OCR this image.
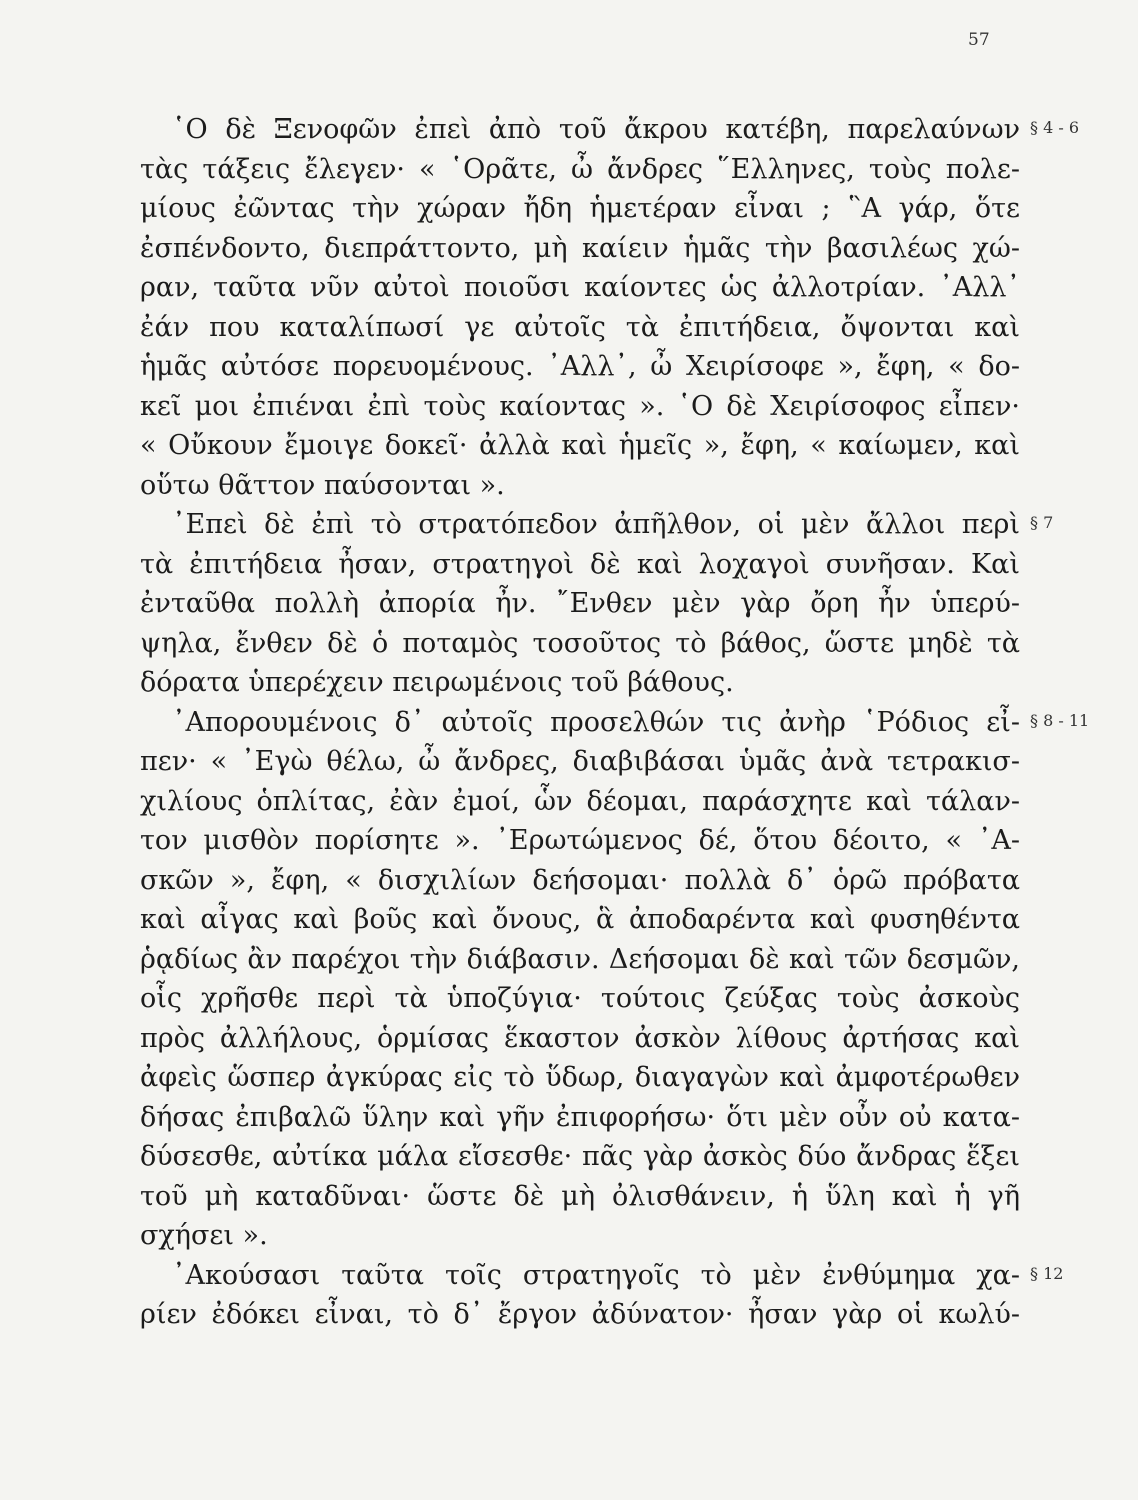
57
῾Ο δὲ Ξενοφῶν ἐπεὶ ἀπὸ τοῦ ἄκρου κατέβη, παρελαύνων
τὰς τάξεις ἔλεγεν· « ῾Ορᾶτε, ὦ ἄνδρες ῞Ελληνες, τοὺς πολε-
μίους ἐῶντας τὴν χώραν ἤδη ἡμετέραν εἶναι ; ῝Α γάρ, ὅτε
ἐσπένδοντο, διεπράττοντο, μὴ καίειν ἡμᾶς τὴν βασιλέως χώ-
ραν, ταῦτα νῦν αὐτοὶ ποιοῦσι καίοντες ὡς ἀλλοτρίαν. ᾿Αλλ᾿
ἐάν που καταλίπωσί γε αὐτοῖς τὰ ἐπιτήδεια, ὄψονται καὶ
ἡμᾶς αὐτόσε πορευομένους. ᾿Αλλ᾿, ὦ Χειρίσοφε », ἔφη, « δο-
κεῖ μοι ἐπιέναι ἐπὶ τοὺς καίοντας ». ῾Ο δὲ Χειρίσοφος εἶπεν·
« Οὔκουν ἔμοιγε δοκεῖ· ἀλλὰ καὶ ἡμεῖς », ἔφη, « καίωμεν, καὶ
οὕτω θᾶττον παύσονται ».
᾿Επεὶ δὲ ἐπὶ τὸ στρατόπεδον ἀπῆλθον, οἱ μὲν ἄλλοι περὶ
τὰ ἐπιτήδεια ἦσαν, στρατηγοὶ δὲ καὶ λοχαγοὶ συνῆσαν. Καὶ
ἐνταῦθα πολλὴ ἀπορία ἦν. ῎Ενθεν μὲν γὰρ ὄρη ἦν ὑπερύ-
ψηλα, ἔνθεν δὲ ὁ ποταμὸς τοσοῦτος τὸ βάθος, ὥστε μηδὲ τὰ
δόρατα ὑπερέχειν πειρωμένοις τοῦ βάθους.
᾿Απορουμένοις δ᾿ αὐτοῖς προσελθών τις ἀνὴρ ῾Ρόδιος εἶ-
πεν· « ᾿Εγὼ θέλω, ὦ ἄνδρες, διαβιβάσαι ὑμᾶς ἀνὰ τετρακισ-
χιλίους ὁπλίτας, ἐὰν ἐμοί, ὧν δέομαι, παράσχητε καὶ τάλαν-
τον μισθὸν πορίσητε ». ᾿Ερωτώμενος δέ, ὅτου δέοιτο, « ᾿Α-
σκῶν », ἔφη, « δισχιλίων δεήσομαι· πολλὰ δ᾿ ὁρῶ πρόβατα
καὶ αἶγας καὶ βοῦς καὶ ὄνους, ἃ ἀποδαρέντα καὶ φυσηθέντα
ῥᾳδίως ἂν παρέχοι τὴν διάβασιν. Δεήσομαι δὲ καὶ τῶν δεσμῶν,
οἷς χρῆσθε περὶ τὰ ὑποζύγια· τούτοις ζεύξας τοὺς ἀσκοὺς
πρὸς ἀλλήλους, ὁρμίσας ἕκαστον ἀσκὸν λίθους ἀρτήσας καὶ
ἀφεὶς ὥσπερ ἀγκύρας εἰς τὸ ὕδωρ, διαγαγὼν καὶ ἀμφοτέρωθεν
δήσας ἐπιβαλῶ ὕλην καὶ γῆν ἐπιφορήσω· ὅτι μὲν οὖν οὐ κατα-
δύσεσθε, αὐτίκα μάλα εἴσεσθε· πᾶς γὰρ ἀσκὸς δύο ἄνδρας ἕξει
τοῦ μὴ καταδῦναι· ὥστε δὲ μὴ ὀλισθάνειν, ἡ ὕλη καὶ ἡ γῆ
σχήσει ».
᾿Ακούσασι ταῦτα τοῖς στρατηγοῖς τὸ μὲν ἐνθύμημα χα-
ρίεν ἐδόκει εἶναι, τὸ δ᾿ ἔργον ἀδύνατον· ἦσαν γὰρ οἱ κωλύ-
§ 4 - 6
§ 7
§ 8 - 11
§ 12
